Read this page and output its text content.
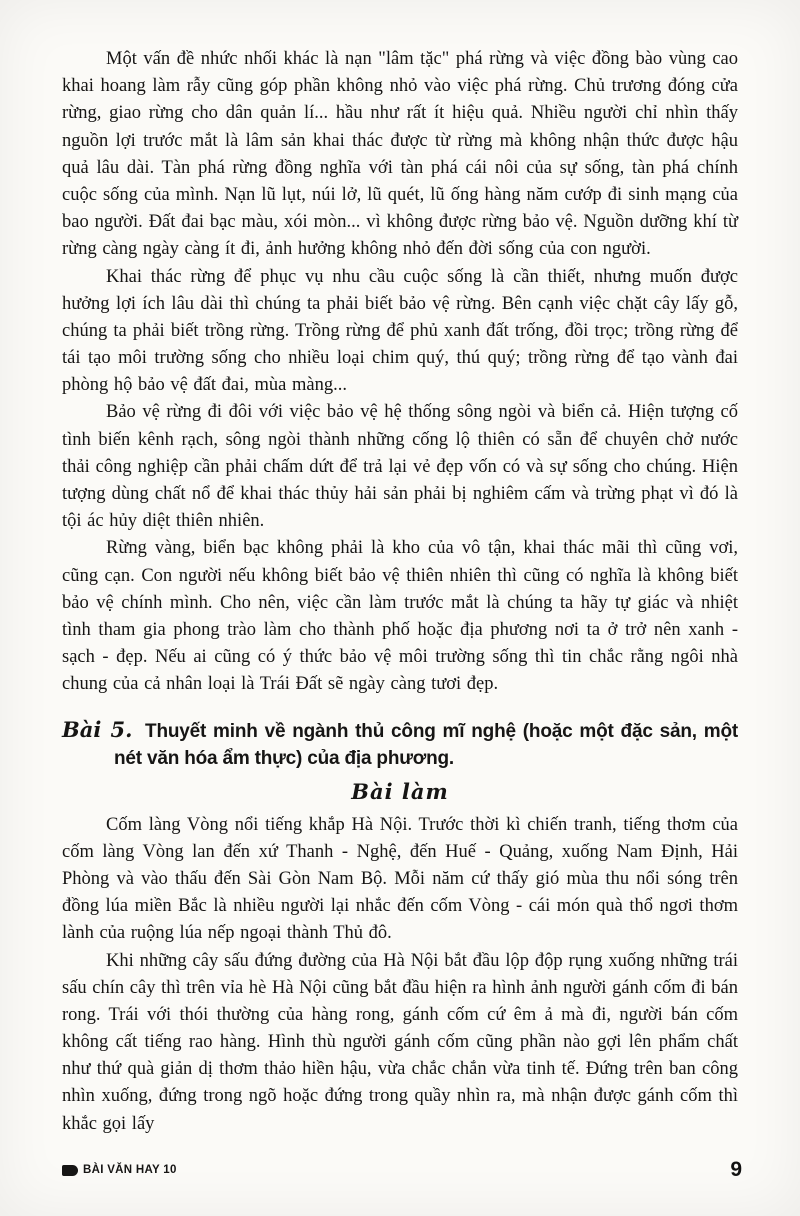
Một vấn đề nhức nhối khác là nạn "lâm tặc" phá rừng và việc đồng bào vùng cao khai hoang làm rẫy cũng góp phần không nhỏ vào việc phá rừng. Chủ trương đóng cửa rừng, giao rừng cho dân quản lí... hầu như rất ít hiệu quả. Nhiều người chỉ nhìn thấy nguồn lợi trước mắt là lâm sản khai thác được từ rừng mà không nhận thức được hậu quả lâu dài. Tàn phá rừng đồng nghĩa với tàn phá cái nôi của sự sống, tàn phá chính cuộc sống của mình. Nạn lũ lụt, núi lở, lũ quét, lũ ống hàng năm cướp đi sinh mạng của bao người. Đất đai bạc màu, xói mòn... vì không được rừng bảo vệ. Nguồn dưỡng khí từ rừng càng ngày càng ít đi, ảnh hưởng không nhỏ đến đời sống của con người.

Khai thác rừng để phục vụ nhu cầu cuộc sống là cần thiết, nhưng muốn được hưởng lợi ích lâu dài thì chúng ta phải biết bảo vệ rừng. Bên cạnh việc chặt cây lấy gỗ, chúng ta phải biết trồng rừng. Trồng rừng để phủ xanh đất trống, đồi trọc; trồng rừng để tái tạo môi trường sống cho nhiều loại chim quý, thú quý; trồng rừng để tạo vành đai phòng hộ bảo vệ đất đai, mùa màng...

Bảo vệ rừng đi đôi với việc bảo vệ hệ thống sông ngòi và biển cả. Hiện tượng cố tình biến kênh rạch, sông ngòi thành những cống lộ thiên có sẵn để chuyên chở nước thải công nghiệp cần phải chấm dứt để trả lại vẻ đẹp vốn có và sự sống cho chúng. Hiện tượng dùng chất nổ để khai thác thủy hải sản phải bị nghiêm cấm và trừng phạt vì đó là tội ác hủy diệt thiên nhiên.

Rừng vàng, biển bạc không phải là kho của vô tận, khai thác mãi thì cũng vơi, cũng cạn. Con người nếu không biết bảo vệ thiên nhiên thì cũng có nghĩa là không biết bảo vệ chính mình. Cho nên, việc cần làm trước mắt là chúng ta hãy tự giác và nhiệt tình tham gia phong trào làm cho thành phố hoặc địa phương nơi ta ở trở nên xanh - sạch - đẹp. Nếu ai cũng có ý thức bảo vệ môi trường sống thì tin chắc rằng ngôi nhà chung của cả nhân loại là Trái Đất sẽ ngày càng tươi đẹp.

Bài 5. Thuyết minh về ngành thủ công mĩ nghệ (hoặc một đặc sản, một nét văn hóa ẩm thực) của địa phương.

Bài làm

Cốm làng Vòng nổi tiếng khắp Hà Nội. Trước thời kì chiến tranh, tiếng thơm của cốm làng Vòng lan đến xứ Thanh - Nghệ, đến Huế - Quảng, xuống Nam Định, Hải Phòng và vào thấu đến Sài Gòn Nam Bộ. Mỗi năm cứ thấy gió mùa thu nổi sóng trên đồng lúa miền Bắc là nhiều người lại nhắc đến cốm Vòng - cái món quà thổ ngơi thơm lành của ruộng lúa nếp ngoại thành Thủ đô.

Khi những cây sấu đứng đường của Hà Nội bắt đầu lộp độp rụng xuống những trái sấu chín cây thì trên vỉa hè Hà Nội cũng bắt đầu hiện ra hình ảnh người gánh cốm đi bán rong. Trái với thói thường của hàng rong, gánh cốm cứ êm ả mà đi, người bán cốm không cất tiếng rao hàng. Hình thù người gánh cốm cũng phần nào gợi lên phẩm chất như thứ quà giản dị thơm thảo hiền hậu, vừa chắc chắn vừa tinh tế. Đứng trên ban công nhìn xuống, đứng trong ngõ hoặc đứng trong quầy nhìn ra, mà nhận được gánh cốm thì khắc gọi lấy

BÀI VĂN HAY 10	9
